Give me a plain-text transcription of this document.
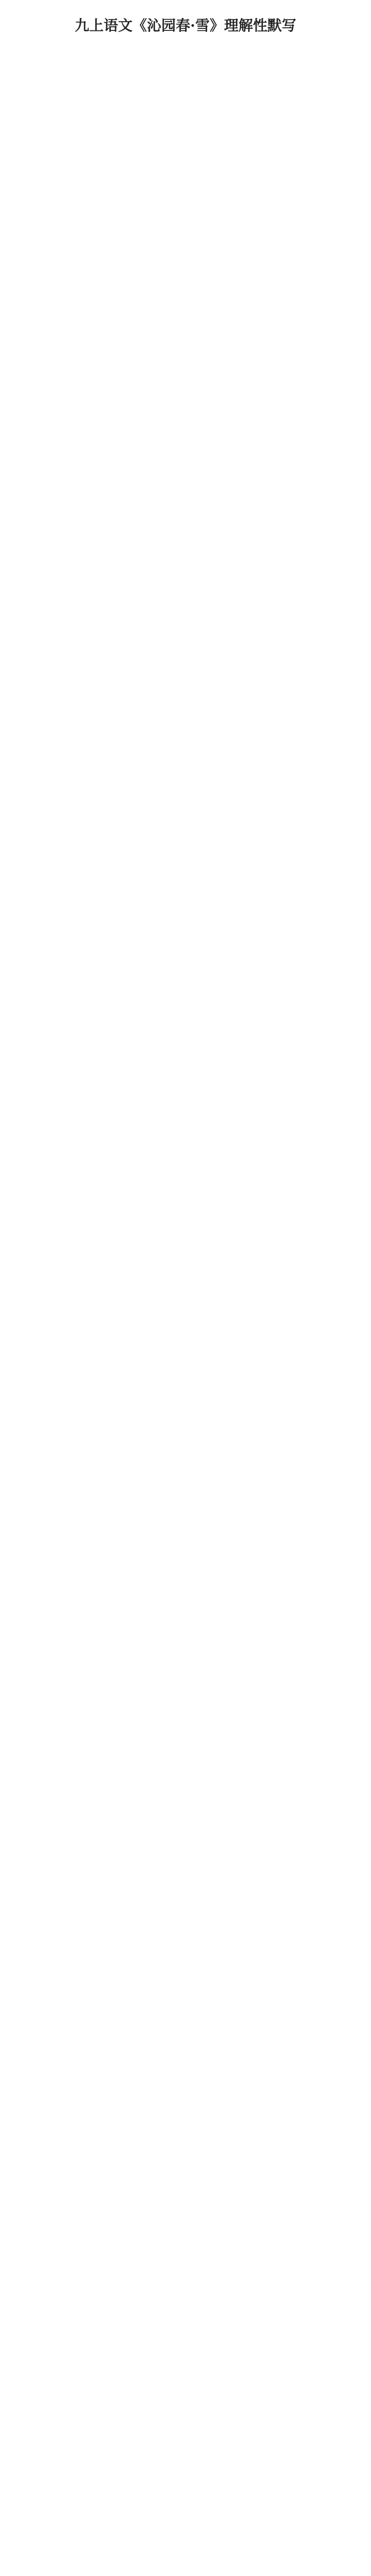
九上语文《沁园春·雪》理解性默写
